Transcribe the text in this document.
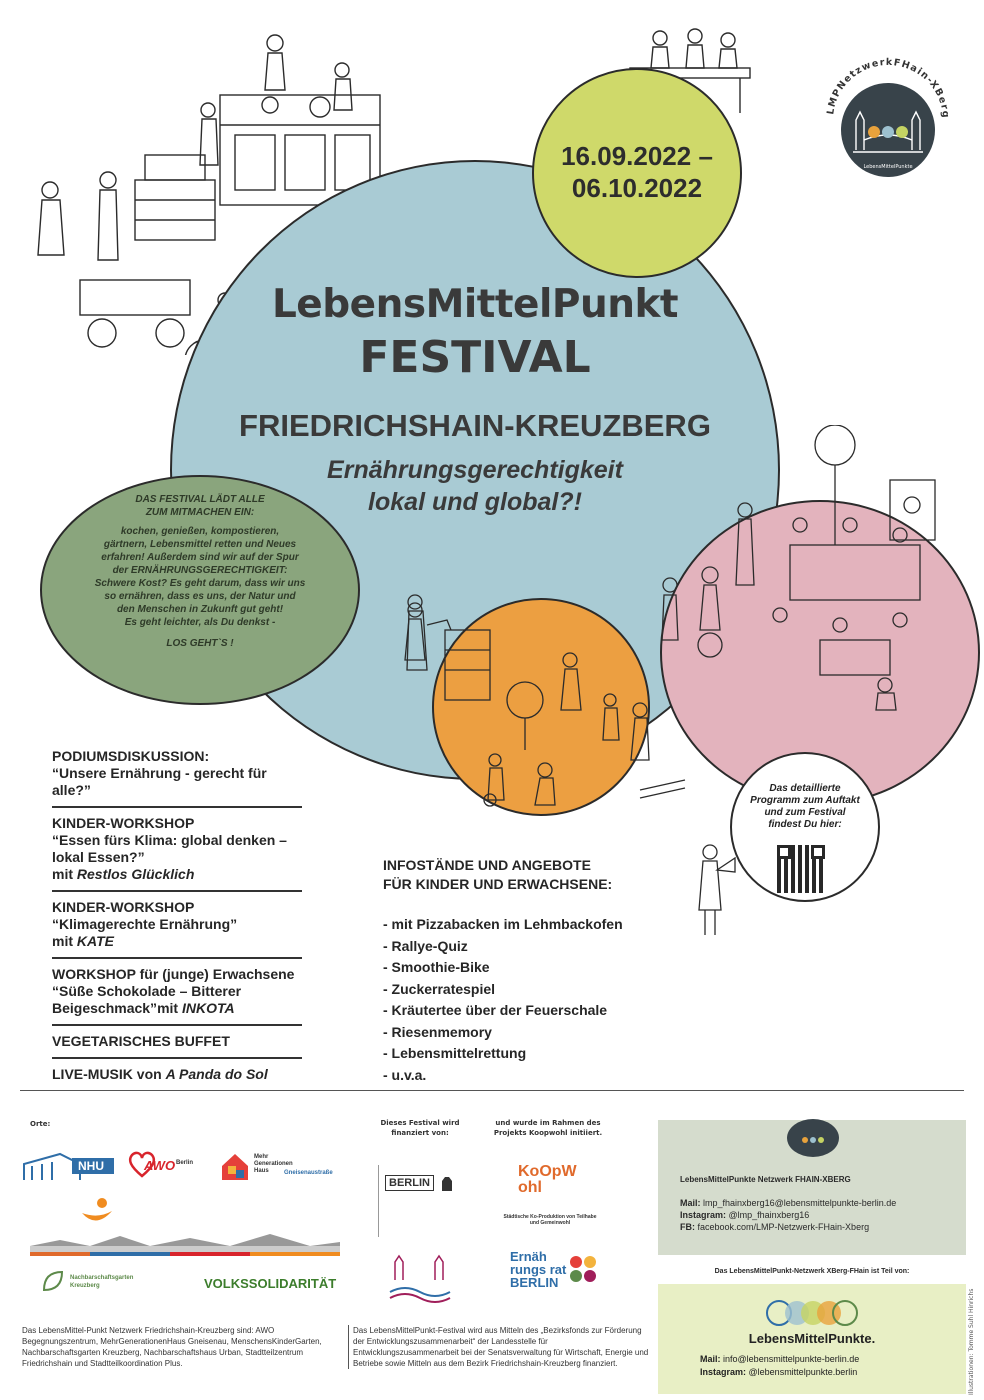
LMPNetzwerkFHain-XBerg
LebensMittelPunkte
16.09.2022 –
06.10.2022
LebensMittelPunkt
FESTIVAL
FRIEDRICHSHAIN-KREUZBERG
Ernährungsgerechtigkeit
lokal und global?!
DAS FESTIVAL LÄDT ALLE
ZUM MITMACHEN EIN:
kochen, genießen, kompostieren,
gärtnern, Lebensmittel retten und Neues
erfahren! Außerdem sind wir auf der Spur
der ERNÄHRUNGSGERECHTIGKEIT:
Schwere Kost? Es geht darum, dass wir uns
so ernähren, dass es uns, der Natur und
den Menschen in Zukunft gut geht!
Es geht leichter, als Du denkst -
LOS GEHT`S !
Das detaillierte
Programm zum Auftakt
und zum Festival
findest Du hier:
PODIUMSDISKUSSION:
“Unsere Ernährung - gerecht für alle?”
KINDER-WORKSHOP
“Essen fürs Klima: global denken – lokal Essen?”
mit Restlos Glücklich
KINDER-WORKSHOP
“Klimagerechte Ernährung”
mit KATE
WORKSHOP für (junge) Erwachsene
“Süße Schokolade – Bitterer Beigeschmack”mit INKOTA
VEGETARISCHES BUFFET
LIVE-MUSIK von A Panda do Sol
INFOSTÄNDE UND ANGEBOTE
FÜR KINDER UND ERWACHSENE:
- mit Pizzabacken im Lehmbackofen
- Rallye-Quiz
- Smoothie-Bike
- Zuckerratespiel
- Kräutertee über der Feuerschale
- Riesenmemory
- Lebensmittelrettung
- u.v.a.
Orte:
NHU	AWO Berlin
Mehr Generationen Haus	Gneisenaustraße
Nachbarschaftsgarten Kreuzberg	VOLKSSOLIDARITÄT
Dieses Festival wird finanziert von:
und wurde im Rahmen des Projekts Koopwohl initiiert.
BERLIN
KoOpWohl
Städtische Ko-Produktion von Teilhabe und Gemeinwohl
Ernäh rungs rat BERLIN
LebensMittelPunkte Netzwerk FHAIN-XBERG
Mail: lmp_fhainxberg16@lebensmittelpunkte-berlin.de
Instagram: @lmp_fhainxberg16
FB: facebook.com/LMP-Netzwerk-FHain-Xberg
Das LebensMittelPunkt-Netzwerk XBerg-FHain ist Teil von:
LebensMittelPunkte.
Mail: info@lebensmittelpunkte-berlin.de
Instagram: @lebensmittelpunkte.berlin
Das LebensMittel-Punkt Netzwerk Friedrichshain-Kreuzberg sind: AWO Begegnungszentrum, MehrGenerationenHaus Gneisenau, MenschensKinderGarten, Nachbarschaftsgarten Kreuzberg, Nachbarschaftshaus Urban, Stadtteilzentrum Friedrichshain und Stadtteilkoordination Plus.
Das LebensMittelPunkt-Festival wird aus Mitteln des „Bezirksfonds zur Förderung der Entwicklungszusammenarbeit“ der Landesstelle für Entwicklungszusammenarbeit bei der Senatsverwaltung für Wirtschaft, Energie und Betriebe sowie Mitteln aus dem Bezirk Friedrichshain-Kreuzberg finanziert.	Illustrationen: Tomme Suhl Hinrichs
